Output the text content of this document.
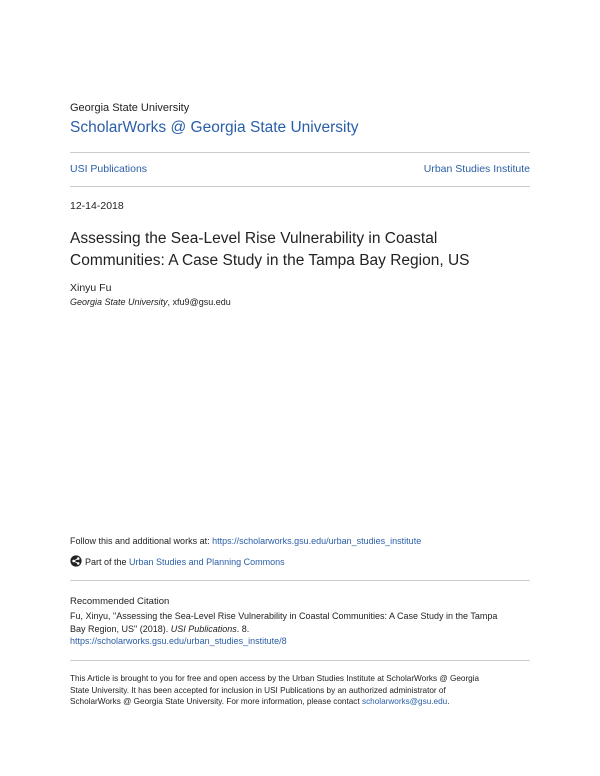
Georgia State University
ScholarWorks @ Georgia State University
USI Publications	Urban Studies Institute
12-14-2018
Assessing the Sea-Level Rise Vulnerability in Coastal
Communities: A Case Study in the Tampa Bay Region, US
Xinyu Fu
Georgia State University, xfu9@gsu.edu
Follow this and additional works at: https://scholarworks.gsu.edu/urban_studies_institute
Part of the Urban Studies and Planning Commons
Recommended Citation
Fu, Xinyu, "Assessing the Sea-Level Rise Vulnerability in Coastal Communities: A Case Study in the Tampa
Bay Region, US" (2018). USI Publications. 8.
https://scholarworks.gsu.edu/urban_studies_institute/8
This Article is brought to you for free and open access by the Urban Studies Institute at ScholarWorks @ Georgia
State University. It has been accepted for inclusion in USI Publications by an authorized administrator of
ScholarWorks @ Georgia State University. For more information, please contact scholarworks@gsu.edu.
